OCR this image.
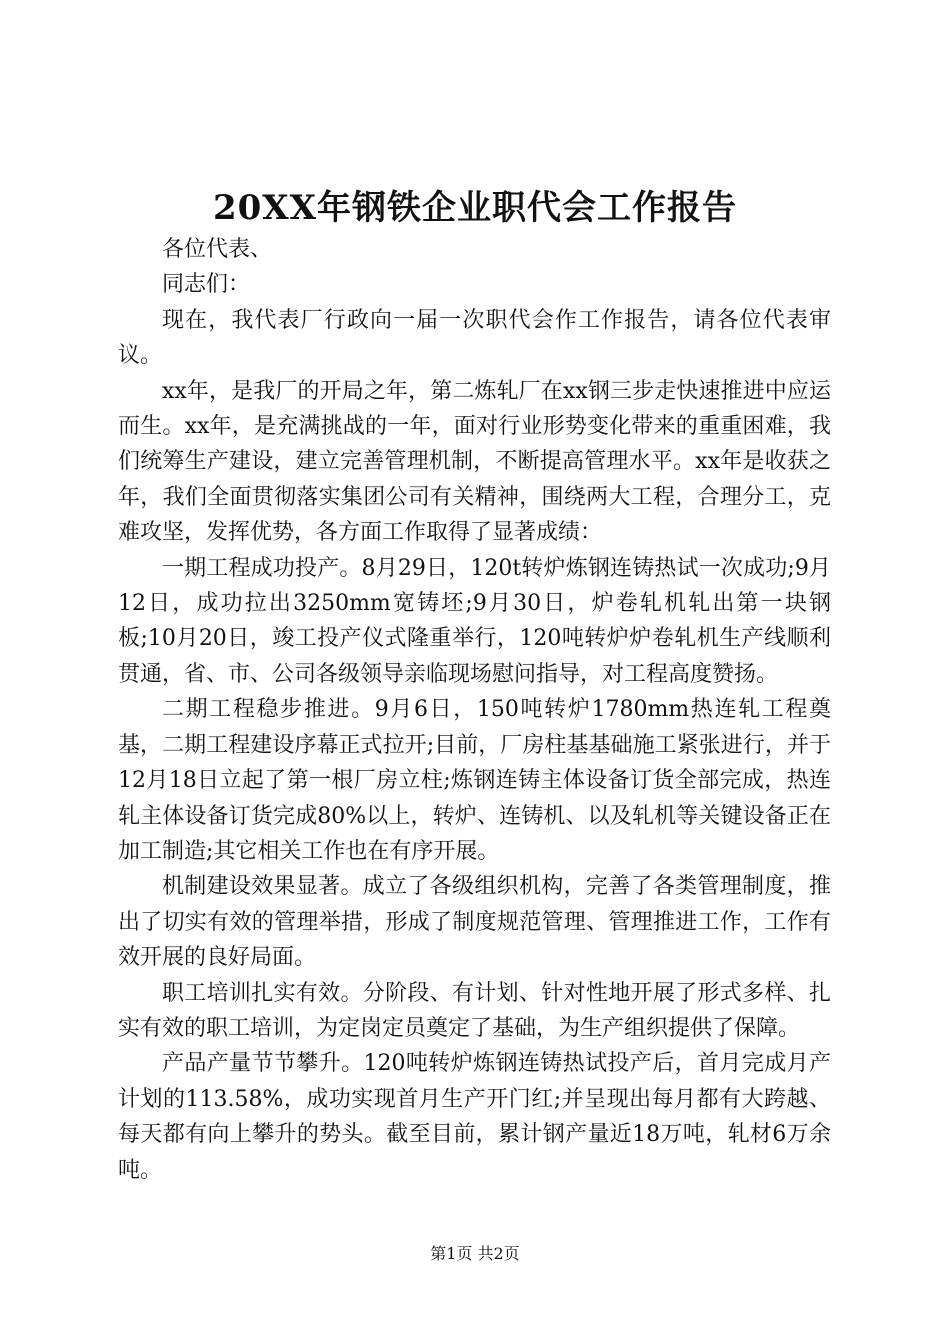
20XX年钢铁企业职代会工作报告

各位代表、

同志们：

现在，我代表厂行政向一届一次职代会作工作报告，请各位代表审议。

xx年，是我厂的开局之年，第二炼轧厂在xx钢三步走快速推进中应运而生。xx年，是充满挑战的一年，面对行业形势变化带来的重重困难，我们统筹生产建设，建立完善管理机制，不断提高管理水平。xx年是收获之年，我们全面贯彻落实集团公司有关精神，围绕两大工程，合理分工，克难攻坚，发挥优势，各方面工作取得了显著成绩：

一期工程成功投产。8月29日，120t转炉炼钢连铸热试一次成功;9月12日，成功拉出3250mm宽铸坯;9月30日，炉卷轧机轧出第一块钢板;10月20日，竣工投产仪式隆重举行，120吨转炉炉卷轧机生产线顺利贯通，省、市、公司各级领导亲临现场慰问指导，对工程高度赞扬。

二期工程稳步推进。9月6日，150吨转炉1780mm热连轧工程奠基，二期工程建设序幕正式拉开;目前，厂房柱基基础施工紧张进行，并于12月18日立起了第一根厂房立柱;炼钢连铸主体设备订货全部完成，热连轧主体设备订货完成80%以上，转炉、连铸机、以及轧机等关键设备正在加工制造;其它相关工作也在有序开展。

机制建设效果显著。成立了各级组织机构，完善了各类管理制度，推出了切实有效的管理举措，形成了制度规范管理、管理推进工作，工作有效开展的良好局面。

职工培训扎实有效。分阶段、有计划、针对性地开展了形式多样、扎实有效的职工培训，为定岗定员奠定了基础，为生产组织提供了保障。

产品产量节节攀升。120吨转炉炼钢连铸热试投产后，首月完成月产计划的113.58%，成功实现首月生产开门红;并呈现出每月都有大跨越、每天都有向上攀升的势头。截至目前，累计钢产量近18万吨，轧材6万余吨。

第1页 共2页
